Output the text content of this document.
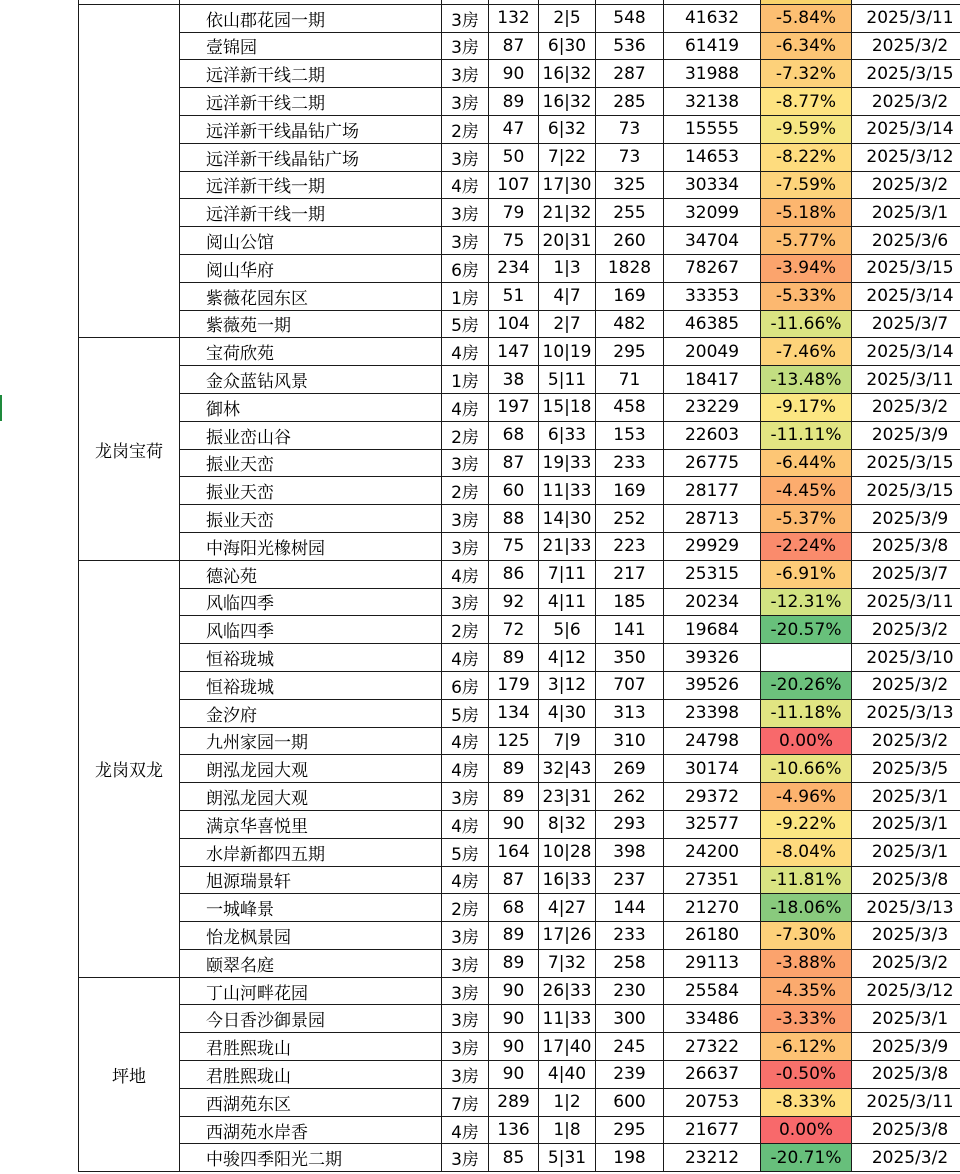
	依山郡花园一期	3房	132	2|5	548	41632	-5.84%	2025/3/11
	壹锦园	3房	87	6|30	536	61419	-6.34%	2025/3/2
	远洋新干线二期	3房	90	16|32	287	31988	-7.32%	2025/3/15
	远洋新干线二期	3房	89	16|32	285	32138	-8.77%	2025/3/2
	远洋新干线晶钻广场	2房	47	6|32	73	15555	-9.59%	2025/3/14
	远洋新干线晶钻广场	3房	50	7|22	73	14653	-8.22%	2025/3/12
	远洋新干线一期	4房	107	17|30	325	30334	-7.59%	2025/3/2
	远洋新干线一期	3房	79	21|32	255	32099	-5.18%	2025/3/1
	阅山公馆	3房	75	20|31	260	34704	-5.77%	2025/3/6
	阅山华府	6房	234	1|3	1828	78267	-3.94%	2025/3/15
	紫薇花园东区	1房	51	4|7	169	33353	-5.33%	2025/3/14
	紫薇苑一期	5房	104	2|7	482	46385	-11.66%	2025/3/7
龙岗宝荷	宝荷欣苑	4房	147	10|19	295	20049	-7.46%	2025/3/14
	金众蓝钻风景	1房	38	5|11	71	18417	-13.48%	2025/3/11
	御林	4房	197	15|18	458	23229	-9.17%	2025/3/2
	振业峦山谷	2房	68	6|33	153	22603	-11.11%	2025/3/9
	振业天峦	3房	87	19|33	233	26775	-6.44%	2025/3/15
	振业天峦	2房	60	11|33	169	28177	-4.45%	2025/3/15
	振业天峦	3房	88	14|30	252	28713	-5.37%	2025/3/9
	中海阳光橡树园	3房	75	21|33	223	29929	-2.24%	2025/3/8
龙岗双龙	德沁苑	4房	86	7|11	217	25315	-6.91%	2025/3/7
	风临四季	3房	92	4|11	185	20234	-12.31%	2025/3/11
	风临四季	2房	72	5|6	141	19684	-20.57%	2025/3/2
	恒裕珑城	4房	89	4|12	350	39326		2025/3/10
	恒裕珑城	6房	179	3|12	707	39526	-20.26%	2025/3/2
	金汐府	5房	134	4|30	313	23398	-11.18%	2025/3/13
	九州家园一期	4房	125	7|9	310	24798	0.00%	2025/3/2
	朗泓龙园大观	4房	89	32|43	269	30174	-10.66%	2025/3/5
	朗泓龙园大观	3房	89	23|31	262	29372	-4.96%	2025/3/1
	满京华喜悦里	4房	90	8|32	293	32577	-9.22%	2025/3/1
	水岸新都四五期	5房	164	10|28	398	24200	-8.04%	2025/3/1
	旭源瑞景轩	4房	87	16|33	237	27351	-11.81%	2025/3/8
	一城峰景	2房	68	4|27	144	21270	-18.06%	2025/3/13
	怡龙枫景园	3房	89	17|26	233	26180	-7.30%	2025/3/3
	颐翠名庭	3房	89	7|32	258	29113	-3.88%	2025/3/2
坪地	丁山河畔花园	3房	90	26|33	230	25584	-4.35%	2025/3/12
	今日香沙御景园	3房	90	11|33	300	33486	-3.33%	2025/3/1
	君胜熙珑山	3房	90	17|40	245	27322	-6.12%	2025/3/9
	君胜熙珑山	3房	90	4|40	239	26637	-0.50%	2025/3/8
	西湖苑东区	7房	289	1|2	600	20753	-8.33%	2025/3/11
	西湖苑水岸香	4房	136	1|8	295	21677	0.00%	2025/3/8
	中骏四季阳光二期	3房	85	5|31	198	23212	-20.71%	2025/3/2
